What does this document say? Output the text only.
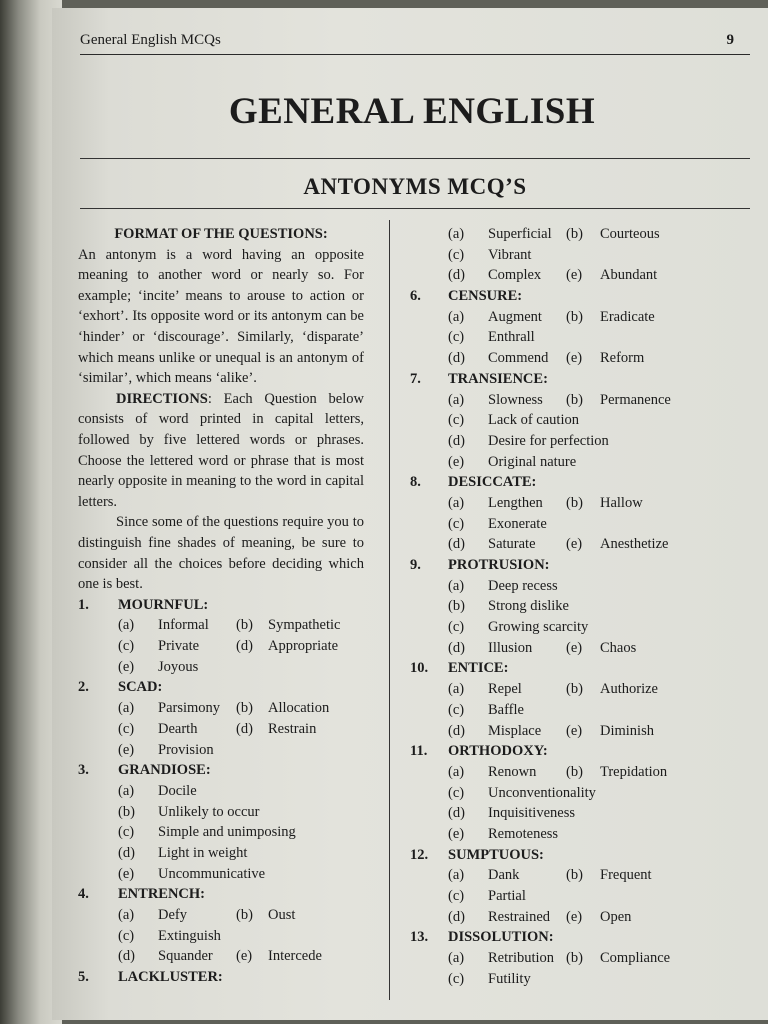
General English MCQs	9
GENERAL ENGLISH
ANTONYMS MCQ’S

FORMAT OF THE QUESTIONS:

An antonym is a word having an opposite meaning to another word or nearly so. For example; ‘incite’ means to arouse to action or ‘exhort’. Its opposite word or its antonym can be ‘hinder’ or ‘discourage’. Similarly, ‘disparate’ which means unlike or unequal is an antonym of ‘similar’, which means ‘alike’.

DIRECTIONS: Each Question below consists of word printed in capital letters, followed by five lettered words or phrases. Choose the lettered word or phrase that is most nearly opposite in meaning to the word in capital letters.

Since some of the questions require you to distinguish fine shades of meaning, be sure to consider all the choices before deciding which one is best.

1. MOURNFUL:
(a) Informal (b) Sympathetic
(c) Private	(d) Appropriate
(e) Joyous
2. SCAD:
(a) Parsimony (b) Allocation
(c) Dearth	(d) Restrain
(e) Provision
3. GRANDIOSE:
(a) Docile
(b) Unlikely to occur
(c) Simple and unimposing
(d) Light in weight
(e) Uncommunicative
4. ENTRENCH:
(a) Defy	(b) Oust
(c) Extinguish
(d) Squander (e) Intercede
5. LACKLUSTER:
(a) Superficial (b) Courteous
(c) Vibrant
(d) Complex (e) Abundant
6. CENSURE:
(a) Augment (b) Eradicate
(c) Enthrall
(d) Commend (e) Reform
7. TRANSIENCE:
(a) Slowness (b) Permanence
(c) Lack of caution
(d) Desire for perfection
(e) Original nature
8. DESICCATE:
(a) Lengthen (b) Hallow
(c) Exonerate
(d) Saturate (e) Anesthetize
9. PROTRUSION:
(a) Deep recess
(b) Strong dislike
(c) Growing scarcity
(d) Illusion (e) Chaos
10. ENTICE:
(a) Repel	(b) Authorize
(c) Baffle
(d) Misplace (e) Diminish
11. ORTHODOXY:
(a) Renown (b) Trepidation
(c) Unconventionality
(d) Inquisitiveness
(e) Remoteness
12. SUMPTUOUS:
(a) Dank	(b) Frequent
(c) Partial
(d) Restrained (e) Open
13. DISSOLUTION:
(a) Retribution (b) Compliance
(c) Futility
